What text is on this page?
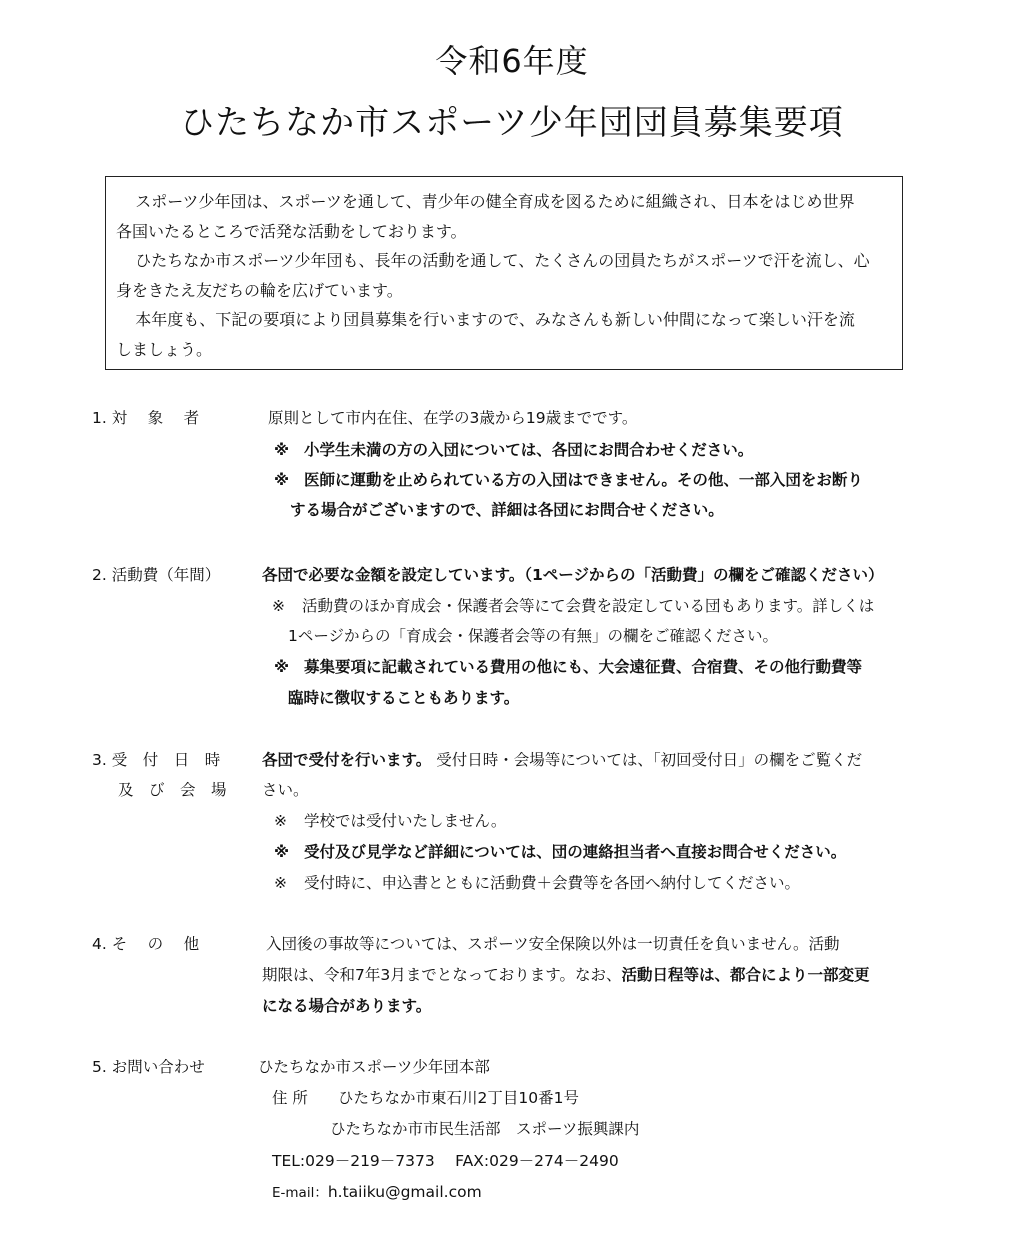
令和6年度
ひたちなか市スポーツ少年団団員募集要項

スポーツ少年団は、スポーツを通して、青少年の健全育成を図るために組織され、日本をはじめ世界

各国いたるところで活発な活動をしております。

ひたちなか市スポーツ少年団も、長年の活動を通して、たくさんの団員たちがスポーツで汗を流し、心

身をきたえ友だちの輪を広げています。

本年度も、下記の要項により団員募集を行いますので、みなさんも新しい仲間になって楽しい汗を流

しましょう。

1. 対　 象　 者	原則として市内在住、在学の3歳から19歳までです。
※ 小学生未満の方の入団については、各団にお問合わせください。
※ 医師に運動を止められている方の入団はできません。その他、一部入団をお断り
する場合がございますので、詳細は各団にお問合せください。
2. 活動費（年間）	各団で必要な金額を設定しています。（1ページからの「活動費」の欄をご確認ください）
※ 活動費のほか育成会・保護者会等にて会費を設定している団もあります。詳しくは
1ページからの「育成会・保護者会等の有無」の欄をご確認ください。
※ 募集要項に記載されている費用の他にも、大会遠征費、合宿費、その他行動費等
臨時に徴収することもあります。
3. 受　付　日　時
及　び　会　場
各団で受付を行います。 受付日時・会場等については、「初回受付日」の欄をご覧くだ
さい。
※ 学校では受付いたしません。
※ 受付及び見学など詳細については、団の連絡担当者へ直接お問合せください。
※ 受付時に、申込書とともに活動費＋会費等を各団へ納付してください。
4. そ　 の　 他	入団後の事故等については、スポーツ安全保険以外は一切責任を負いません。活動
期限は、令和7年3月までとなっております。なお、活動日程等は、都合により一部変更
になる場合があります。
5. お問い合わせ	ひたちなか市スポーツ少年団本部
住 所 ひたちなか市東石川2丁目10番1号
ひたちなか市市民生活部　スポーツ振興課内
TEL:029－219－7373　 FAX:029－274－2490
E-mail：h.taiiku@gmail.com
